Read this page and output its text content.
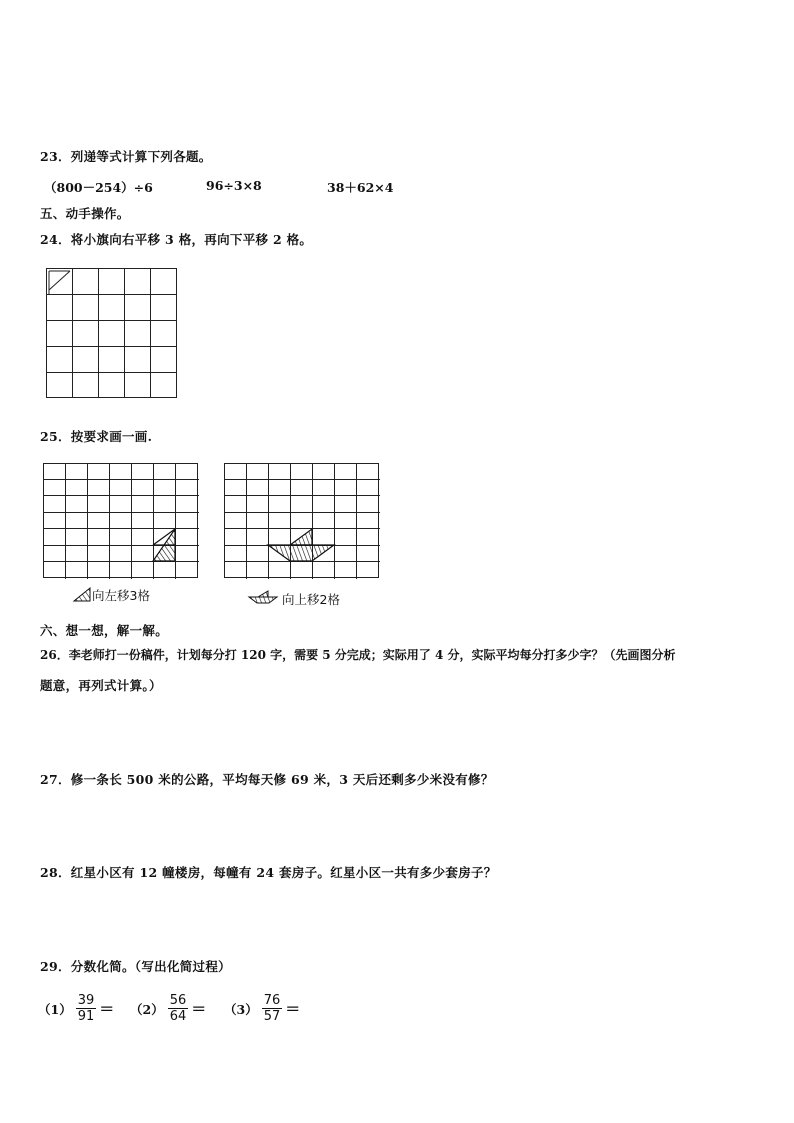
23．列递等式计算下列各题。
（800－254）÷6	96÷3×8	38＋62×4
五、动手操作。
24．将小旗向右平移 3 格，再向下平移 2 格。
25．按要求画一画.
向左移3格	向上移2格
六、想一想，解一解。
26．李老师打一份稿件，计划每分打 120 字，需要 5 分完成；实际用了 4 分，实际平均每分打多少字？（先画图分析
题意，再列式计算。）
27．修一条长 500 米的公路，平均每天修 69 米，3 天后还剩多少米没有修？
28．红星小区有 12 幢楼房，每幢有 24 套房子。红星小区一共有多少套房子？
29．分数化简。（写出化简过程）
$(1) \frac{39}{91} = (2) \frac{56}{64} = (3) \frac{76}{57}$ ＝
